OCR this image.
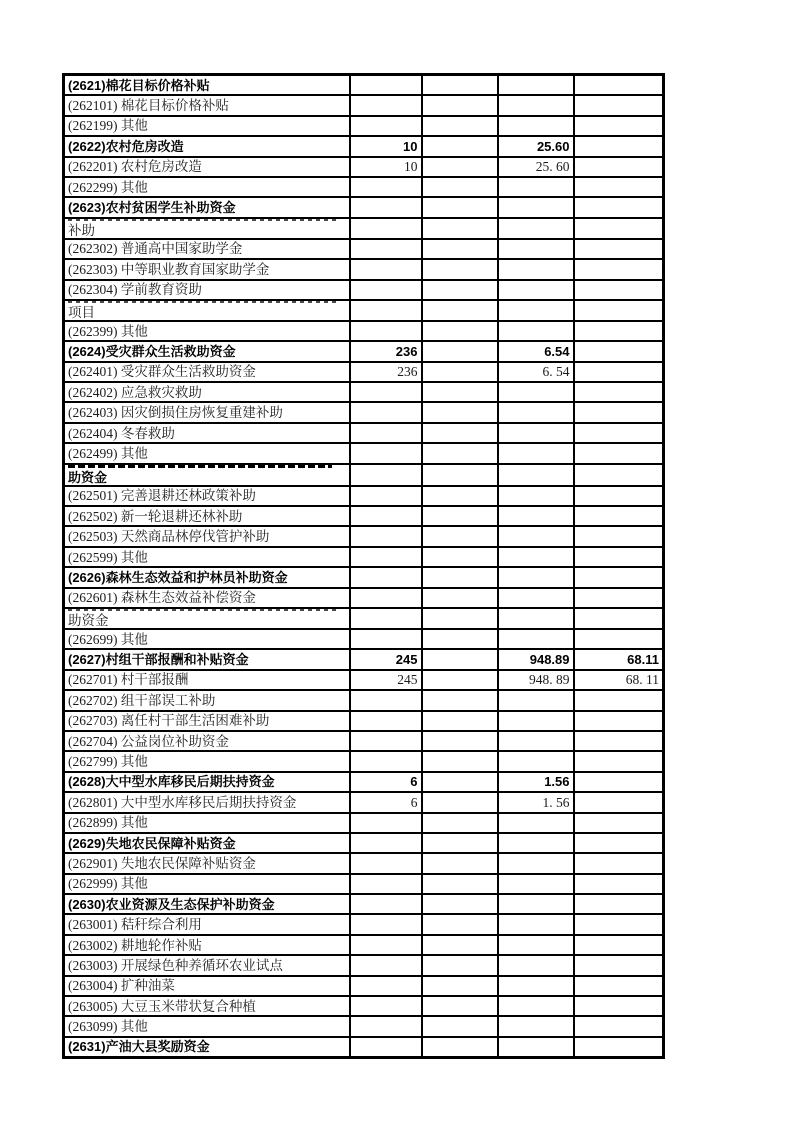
(2621)棉花目标价格补贴				
(262101) 棉花目标价格补贴				
(262199) 其他				
(2622)农村危房改造	10		25.60	
(262201) 农村危房改造	10		25. 60	
(262299) 其他				
(2623)农村贫困学生补助资金				

补助				
(262302) 普通高中国家助学金				
(262303) 中等职业教育国家助学金				
(262304) 学前教育资助				

项目				
(262399) 其他				
(2624)受灾群众生活救助资金	236		6.54	
(262401) 受灾群众生活救助资金	236		6. 54	
(262402) 应急救灾救助				
(262403) 因灾倒损住房恢复重建补助				
(262404) 冬春救助				
(262499) 其他				

助资金				
(262501) 完善退耕还林政策补助				
(262502) 新一轮退耕还林补助				
(262503) 天然商品林停伐管护补助				
(262599) 其他				
(2626)森林生态效益和护林员补助资金				
(262601) 森林生态效益补偿资金				

助资金				
(262699) 其他				
(2627)村组干部报酬和补贴资金	245		948.89	68.11
(262701) 村干部报酬	245		948. 89	68. 11
(262702) 组干部误工补助				
(262703) 离任村干部生活困难补助				
(262704) 公益岗位补助资金				
(262799) 其他				
(2628)大中型水库移民后期扶持资金	6		1.56	
(262801) 大中型水库移民后期扶持资金	6		1. 56	
(262899) 其他				
(2629)失地农民保障补贴资金				
(262901) 失地农民保障补贴资金				
(262999) 其他				
(2630)农业资源及生态保护补助资金				
(263001) 秸秆综合利用				
(263002) 耕地轮作补贴				
(263003) 开展绿色种养循环农业试点				
(263004) 扩种油菜				
(263005) 大豆玉米带状复合种植				
(263099) 其他				
(2631)产油大县奖励资金				
